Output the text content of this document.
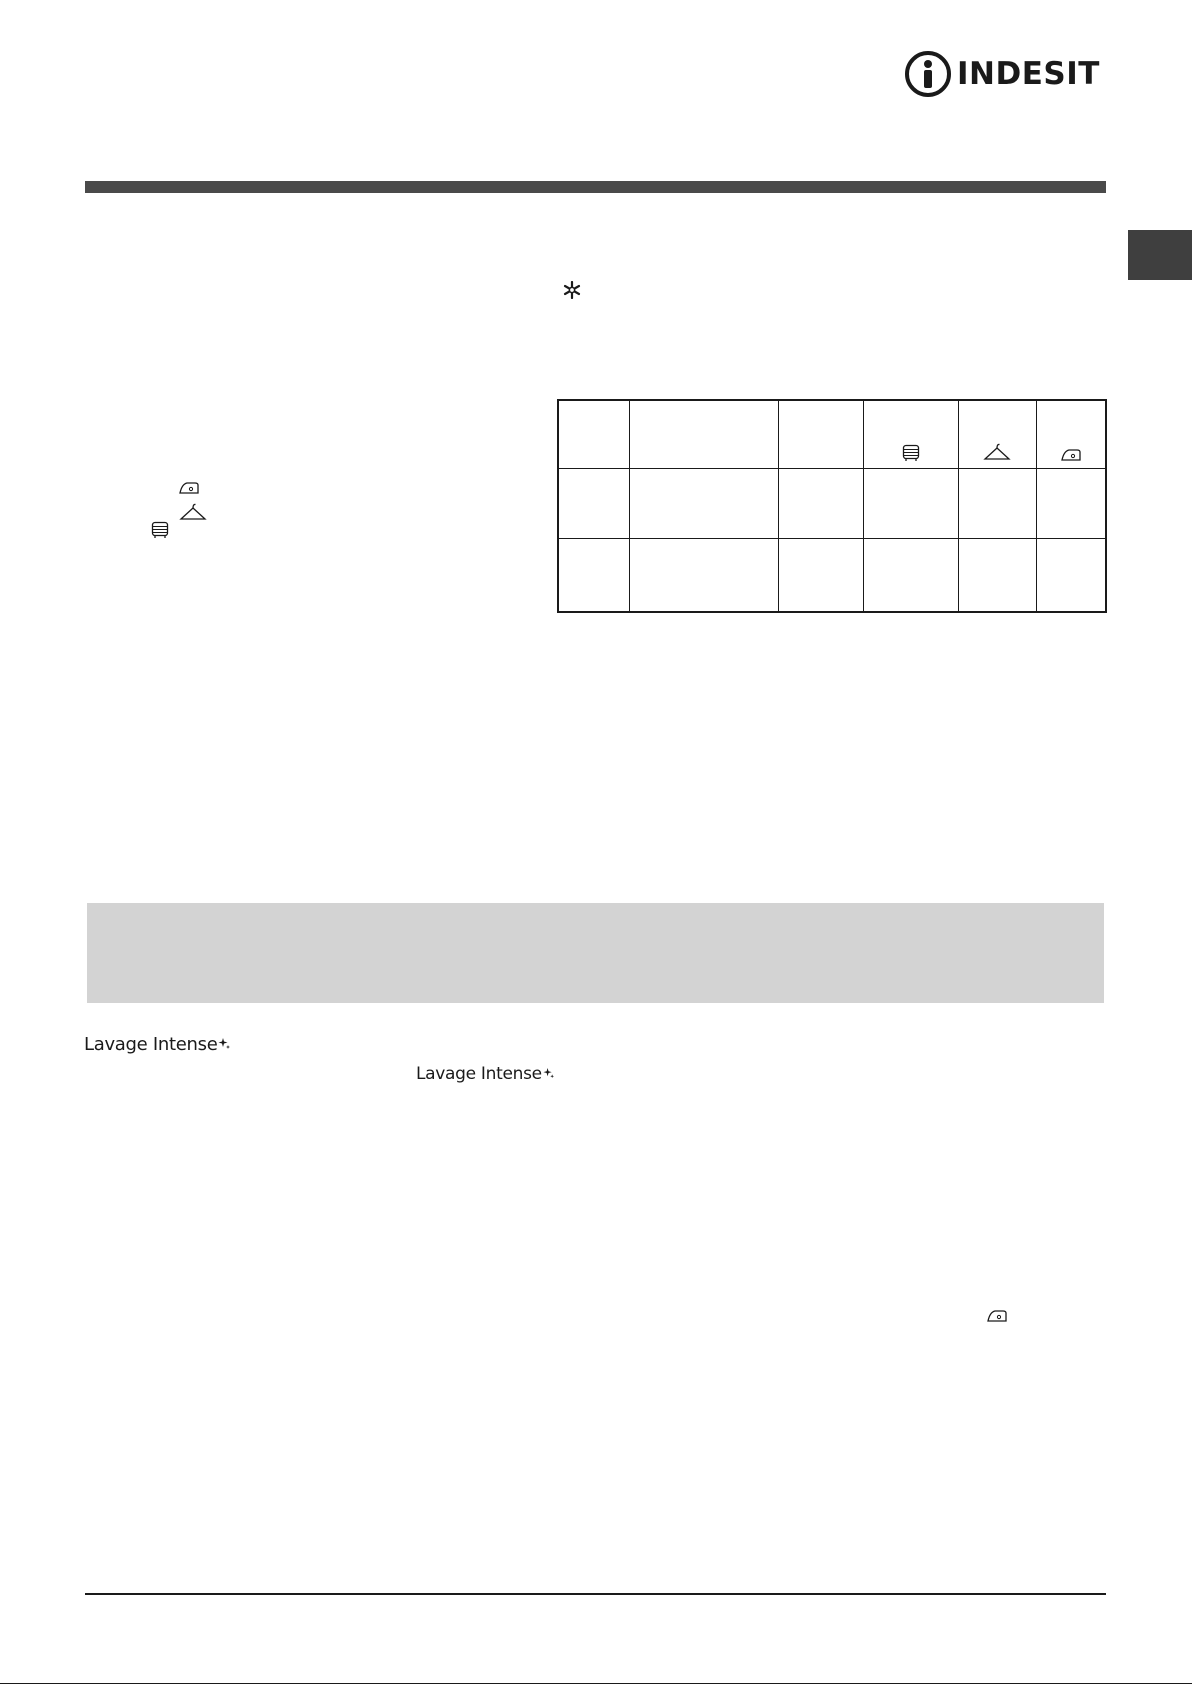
INDESIT

Lavage Intense
Lavage Intense
